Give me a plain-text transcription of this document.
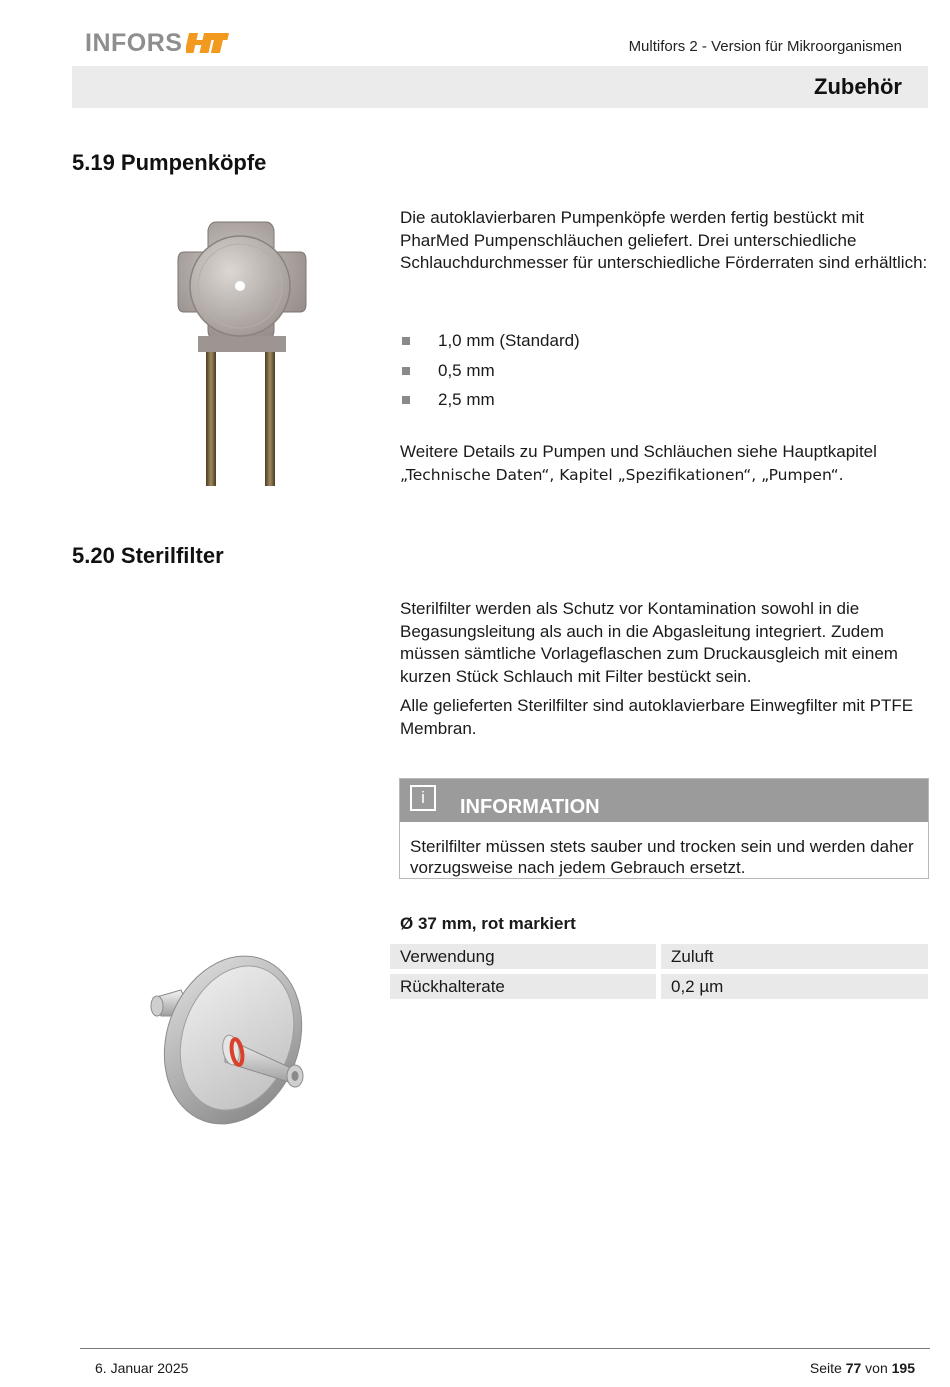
INFORS	Multifors 2 - Version für Mikroorganismen
Zubehör
5.19 Pumpenköpfe
Die autoklavierbaren Pumpenköpfe werden fertig bestückt mit PharMed Pumpenschläuchen geliefert. Drei unterschiedliche Schlauchdurchmesser für unterschiedliche Förderraten sind erhältlich:
1,0 mm (Standard)
0,5 mm
2,5 mm
Weitere Details zu Pumpen und Schläuchen siehe Hauptkapitel
„Technische Daten“, Kapitel „Spezifikationen“, „Pumpen“.
5.20 Sterilfilter
Sterilfilter werden als Schutz vor Kontamination sowohl in die Begasungsleitung als auch in die Abgasleitung integriert. Zudem müssen sämtliche Vorlageflaschen zum Druckausgleich mit einem kurzen Stück Schlauch mit Filter bestückt sein.
Alle gelieferten Sterilfilter sind autoklavierbare Einwegfilter mit PTFE Membran.
i	INFORMATION
Sterilfilter müssen stets sauber und trocken sein und werden daher vorzugsweise nach jedem Gebrauch ersetzt.
Ø 37 mm, rot markiert
Verwendung	Zuluft
Rückhalterate	0,2 µm
6. Januar 2025	Seite 77 von 195
